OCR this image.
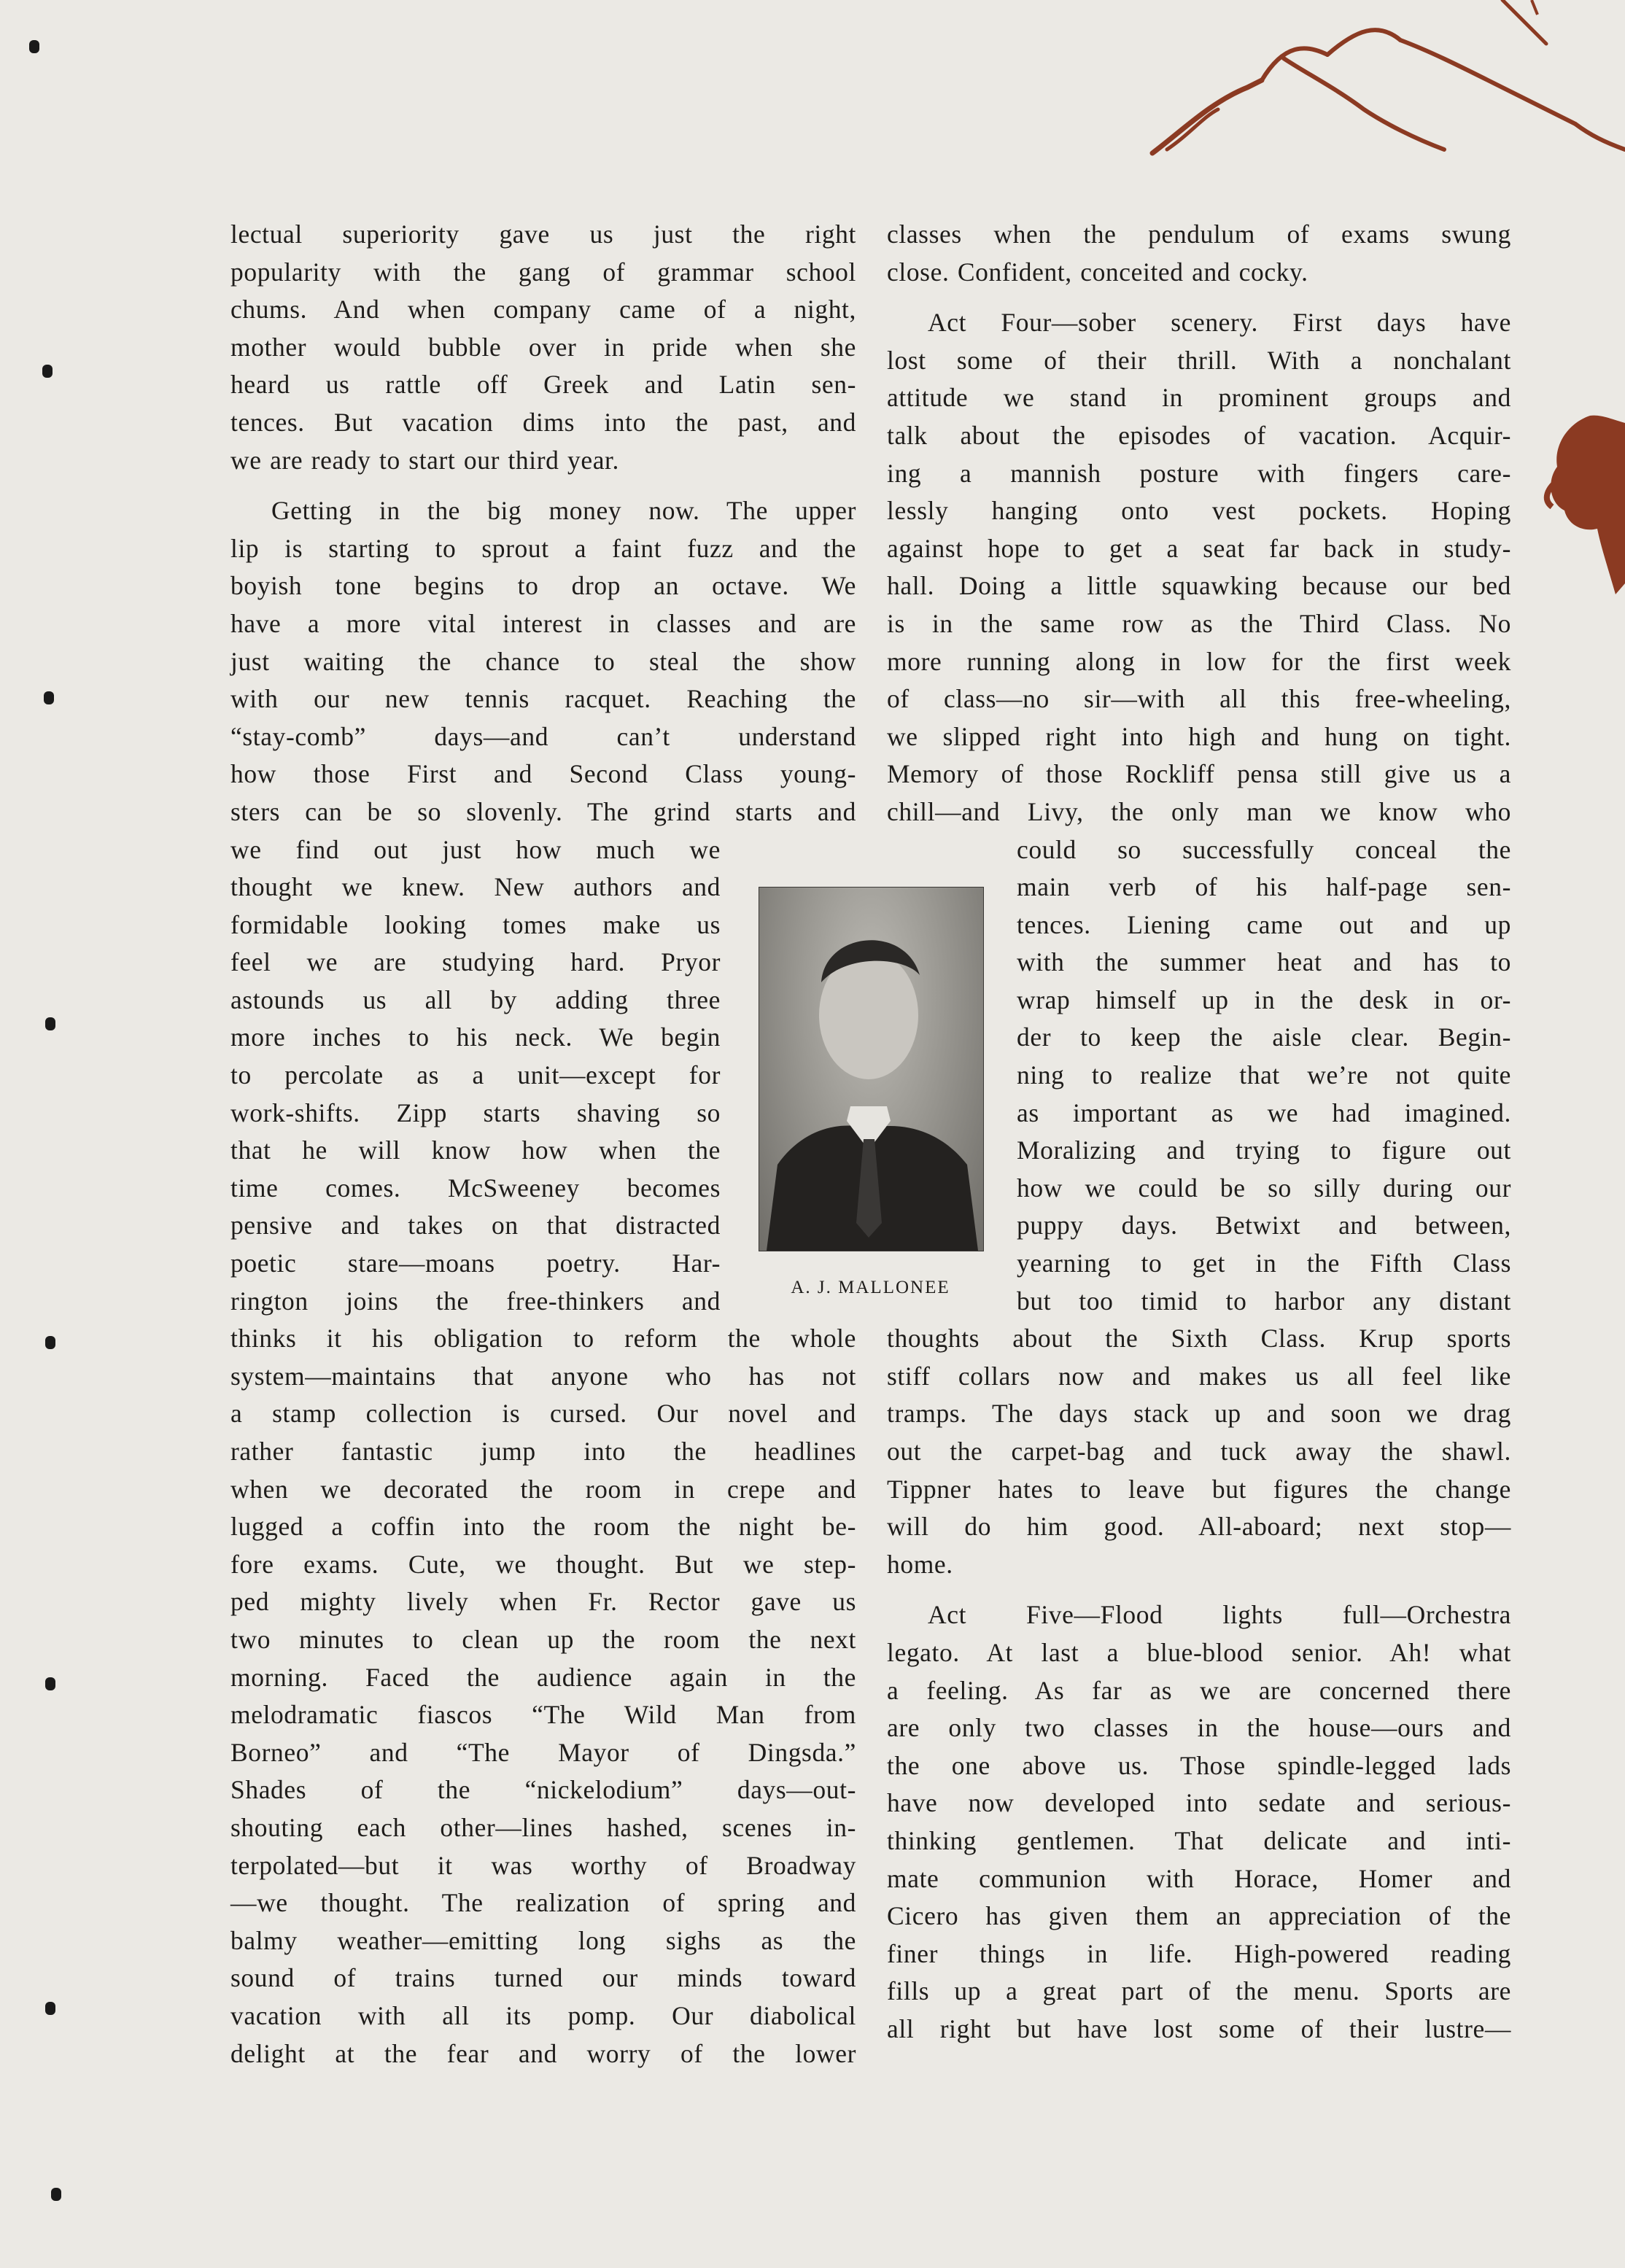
lectual superiority gave us just the right
popularity with the gang of grammar school
chums. And when company came of a night,
mother would bubble over in pride when she
heard us rattle off Greek and Latin sen-
tences. But vacation dims into the past, and
we are ready to start our third year.
Getting in the big money now. The upper
lip is starting to sprout a faint fuzz and the
boyish tone begins to drop an octave. We
have a more vital interest in classes and are
just waiting the chance to steal the show
with our new tennis racquet. Reaching the
“stay-comb” days—and can’t understand
how those First and Second Class young-
sters can be so slovenly. The grind starts and
we find out just how much we
thought we knew. New authors and
formidable looking tomes make us
feel we are studying hard. Pryor
astounds us all by adding three
more inches to his neck. We begin
to percolate as a unit—except for
work-shifts. Zipp starts shaving so
that he will know how when the
time comes. McSweeney becomes
pensive and takes on that distracted
poetic stare—moans poetry. Har-
rington joins the free-thinkers and
thinks it his obligation to reform the whole
system—maintains that anyone who has not
a stamp collection is cursed. Our novel and
rather fantastic jump into the headlines
when we decorated the room in crepe and
lugged a coffin into the room the night be-
fore exams. Cute, we thought. But we step-
ped mighty lively when Fr. Rector gave us
two minutes to clean up the room the next
morning. Faced the audience again in the
melodramatic fiascos “The Wild Man from
Borneo” and “The Mayor of Dingsda.”
Shades of the “nickelodium” days—out-
shouting each other—lines hashed, scenes in-
terpolated—but it was worthy of Broadway
—we thought. The realization of spring and
balmy weather—emitting long sighs as the
sound of trains turned our minds toward
vacation with all its pomp. Our diabolical
delight at the fear and worry of the lower
classes when the pendulum of exams swung
close. Confident, conceited and cocky.
Act Four—sober scenery. First days have
lost some of their thrill. With a nonchalant
attitude we stand in prominent groups and
talk about the episodes of vacation. Acquir-
ing a mannish posture with fingers care-
lessly hanging onto vest pockets. Hoping
against hope to get a seat far back in study-
hall. Doing a little squawking because our bed
is in the same row as the Third Class. No
more running along in low for the first week
of class—no sir—with all this free-wheeling,
we slipped right into high and hung on tight.
Memory of those Rockliff pensa still give us a
chill—and Livy, the only man we know who
could so successfully conceal the
main verb of his half-page sen-
tences. Liening came out and up
with the summer heat and has to
wrap himself up in the desk in or-
der to keep the aisle clear. Begin-
ning to realize that we’re not quite
as important as we had imagined.
Moralizing and trying to figure out
how we could be so silly during our
puppy days. Betwixt and between,
yearning to get in the Fifth Class
but too timid to harbor any distant
thoughts about the Sixth Class. Krup sports
stiff collars now and makes us all feel like
tramps. The days stack up and soon we drag
out the carpet-bag and tuck away the shawl.
Tippner hates to leave but figures the change
will do him good. All-aboard; next stop—
home.
Act Five—Flood lights full—Orchestra
legato. At last a blue-blood senior. Ah! what
a feeling. As far as we are concerned there
are only two classes in the house—ours and
the one above us. Those spindle-legged lads
have now developed into sedate and serious-
thinking gentlemen. That delicate and inti-
mate communion with Horace, Homer and
Cicero has given them an appreciation of the
finer things in life. High-powered reading
fills up a great part of the menu. Sports are
all right but have lost some of their lustre—
A. J. MALLONEE
